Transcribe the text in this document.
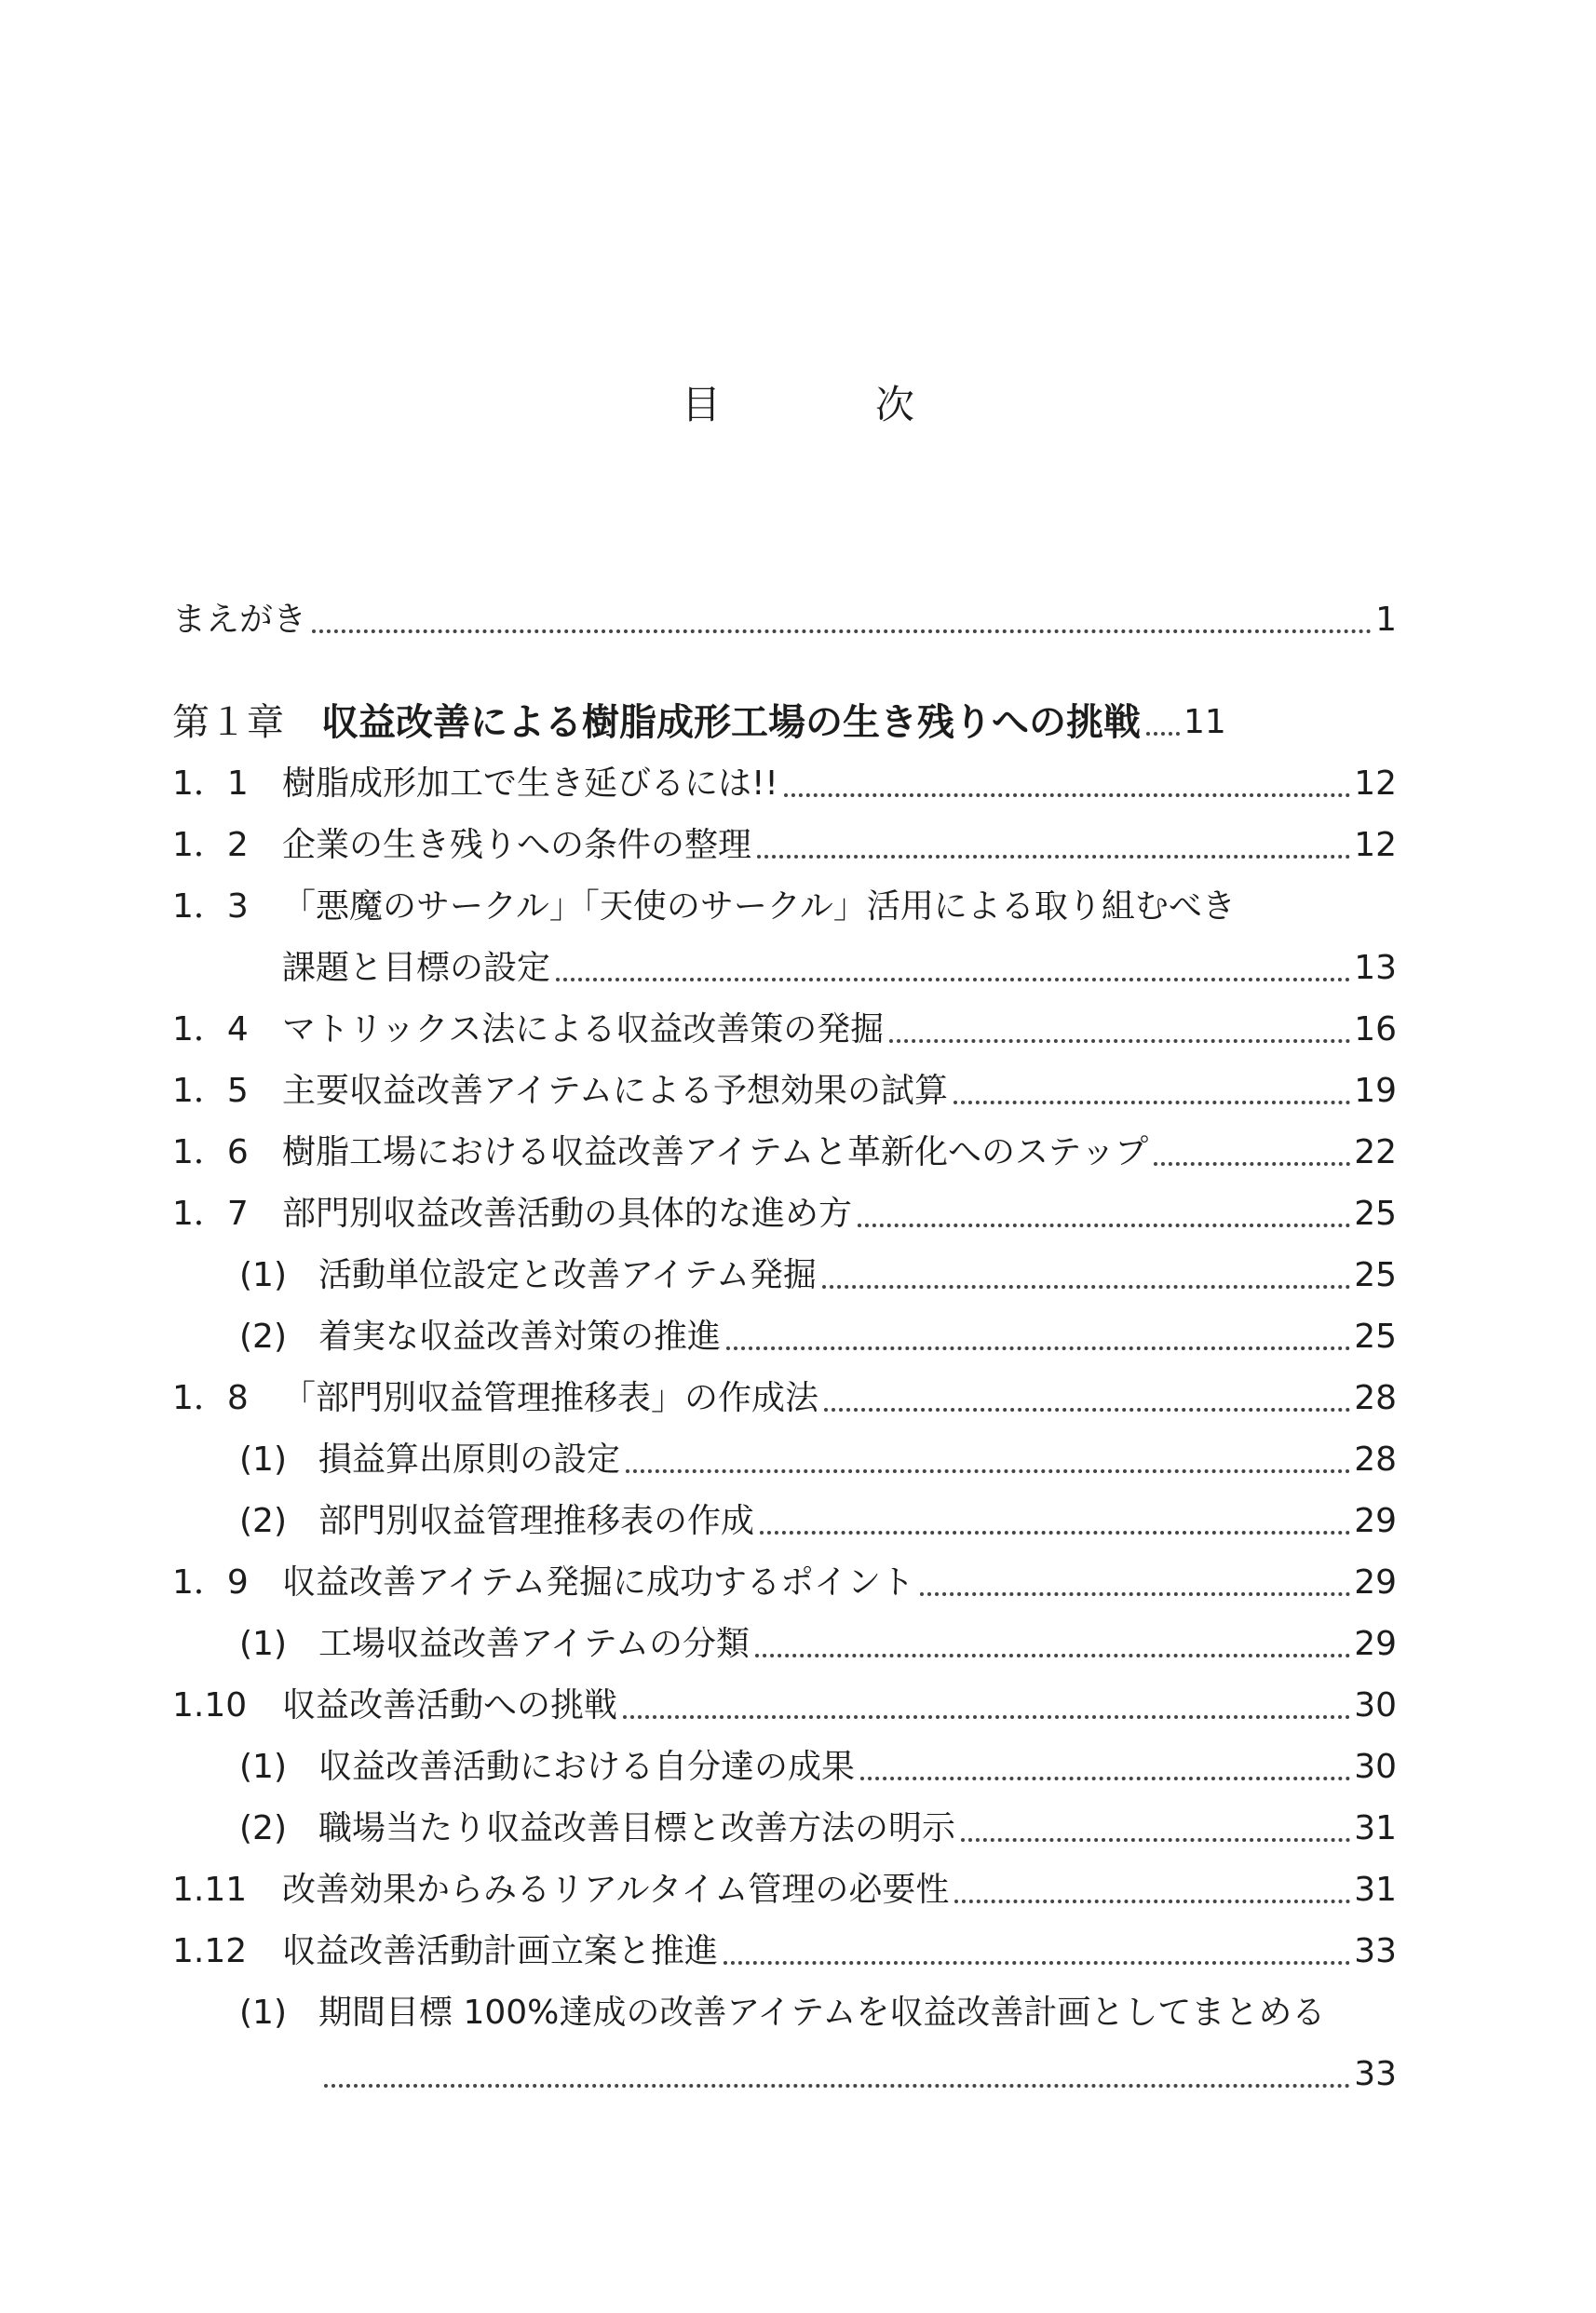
目　次
まえがき	1
第１章 収益改善による樹脂成形工場の生き残りへの挑戦 11
1．1 樹脂成形加工で生き延びるには!!	12
1．2 企業の生き残りへの条件の整理	12
1．3 「悪魔のサークル」「天使のサークル」活用による取り組むべき
課題と目標の設定	13
1．4 マトリックス法による収益改善策の発掘	16
1．5 主要収益改善アイテムによる予想効果の試算	19
1．6 樹脂工場における収益改善アイテムと革新化へのステップ	22
1．7 部門別収益改善活動の具体的な進め方	25
(1) 活動単位設定と改善アイテム発掘	25
(2) 着実な収益改善対策の推進	25
1．8 「部門別収益管理推移表」の作成法	28
(1) 損益算出原則の設定	28
(2) 部門別収益管理推移表の作成	29
1．9 収益改善アイテム発掘に成功するポイント	29
(1) 工場収益改善アイテムの分類	29
1.10 収益改善活動への挑戦	30
(1) 収益改善活動における自分達の成果	30
(2) 職場当たり収益改善目標と改善方法の明示	31
1.11 改善効果からみるリアルタイム管理の必要性	31
1.12 収益改善活動計画立案と推進	33
(1) 期間目標 100%達成の改善アイテムを収益改善計画としてまとめる
33
